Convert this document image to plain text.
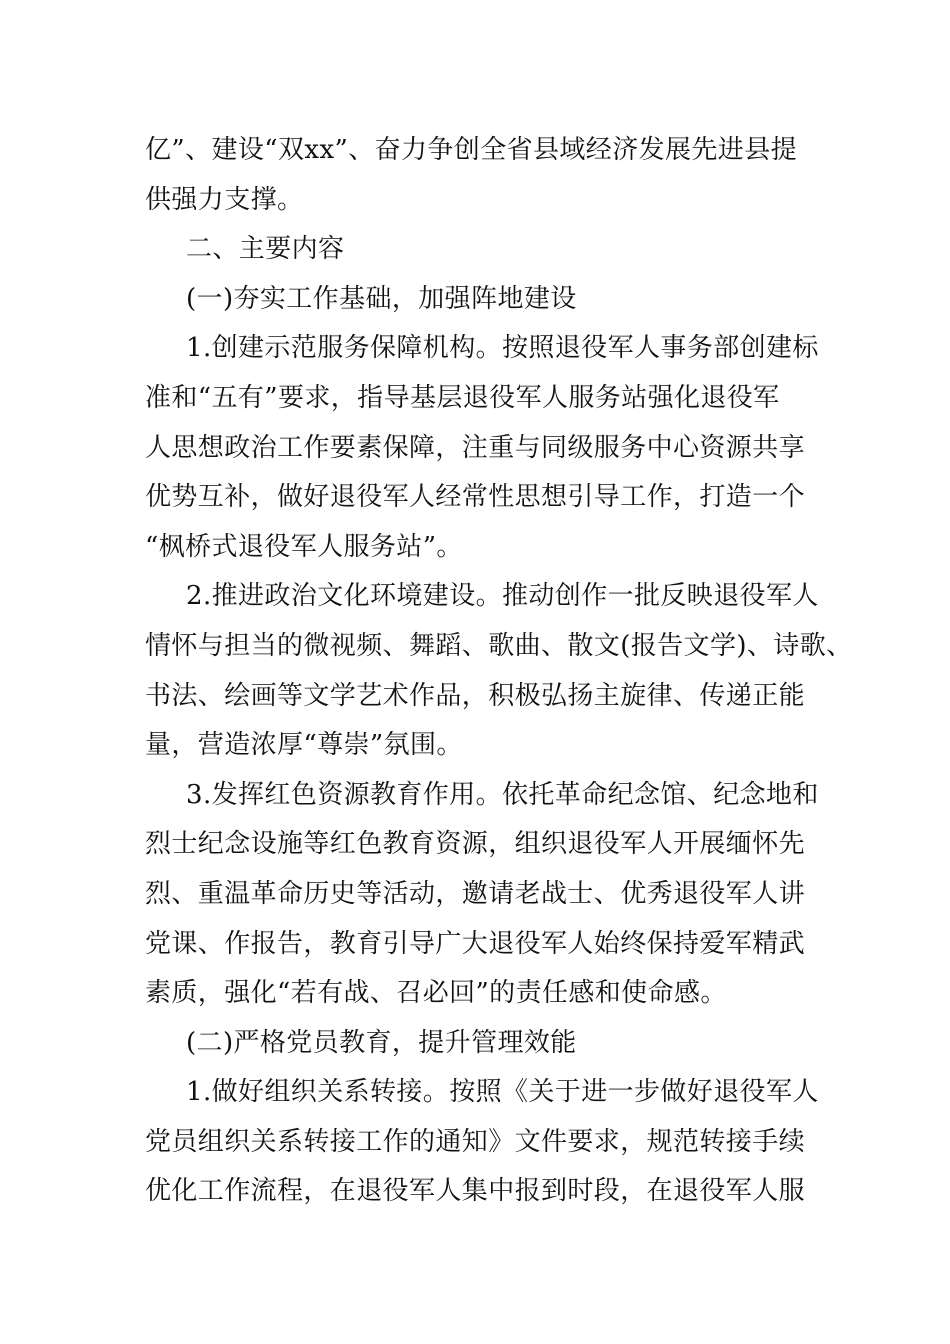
亿”、建设“双xx”、奋力争创全省县域经济发展先进县提
供强力支撑。
二、主要内容
(一)夯实工作基础，加强阵地建设
1.创建示范服务保障机构。按照退役军人事务部创建标
准和“五有”要求，指导基层退役军人服务站强化退役军
人思想政治工作要素保障，注重与同级服务中心资源共享
优势互补，做好退役军人经常性思想引导工作，打造一个
“枫桥式退役军人服务站”。
2.推进政治文化环境建设。推动创作一批反映退役军人
情怀与担当的微视频、舞蹈、歌曲、散文(报告文学)、诗歌、
书法、绘画等文学艺术作品，积极弘扬主旋律、传递正能
量，营造浓厚“尊崇”氛围。
3.发挥红色资源教育作用。依托革命纪念馆、纪念地和
烈士纪念设施等红色教育资源，组织退役军人开展缅怀先
烈、重温革命历史等活动，邀请老战士、优秀退役军人讲
党课、作报告，教育引导广大退役军人始终保持爱军精武
素质，强化“若有战、召必回”的责任感和使命感。
(二)严格党员教育，提升管理效能
1.做好组织关系转接。按照《关于进一步做好退役军人
党员组织关系转接工作的通知》文件要求，规范转接手续
优化工作流程，在退役军人集中报到时段，在退役军人服
